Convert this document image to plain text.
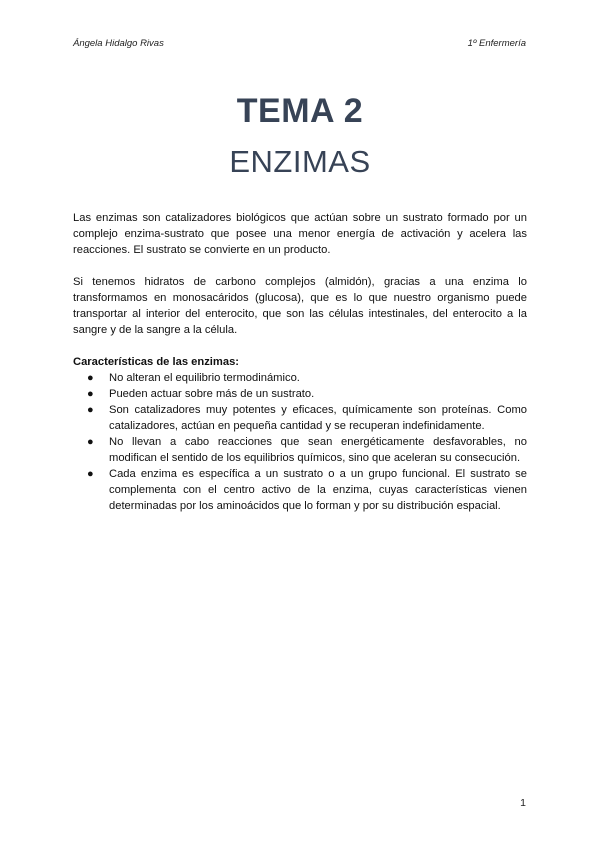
Ángela Hidalgo Rivas	1º Enfermería
TEMA 2
ENZIMAS

Las enzimas son catalizadores biológicos que actúan sobre un sustrato formado por un complejo enzima-sustrato que posee una menor energía de activación y acelera las reacciones. El sustrato se convierte en un producto.

Si tenemos hidratos de carbono complejos (almidón), gracias a una enzima lo transformamos en monosacáridos (glucosa), que es lo que nuestro organismo puede transportar al interior del enterocito, que son las células intestinales, del enterocito a la sangre y de la sangre a la célula.

Características de las enzimas:

● No alteran el equilibrio termodinámico.
● Pueden actuar sobre más de un sustrato.
● Son catalizadores muy potentes y eficaces, químicamente son proteínas. Como catalizadores, actúan en pequeña cantidad y se recuperan indefinidamente.
● No llevan a cabo reacciones que sean energéticamente desfavorables, no modifican el sentido de los equilibrios químicos, sino que aceleran su consecución.
● Cada enzima es específica a un sustrato o a un grupo funcional. El sustrato se complementa con el centro activo de la enzima, cuyas características vienen determinadas por los aminoácidos que lo forman y por su distribución espacial.
1
